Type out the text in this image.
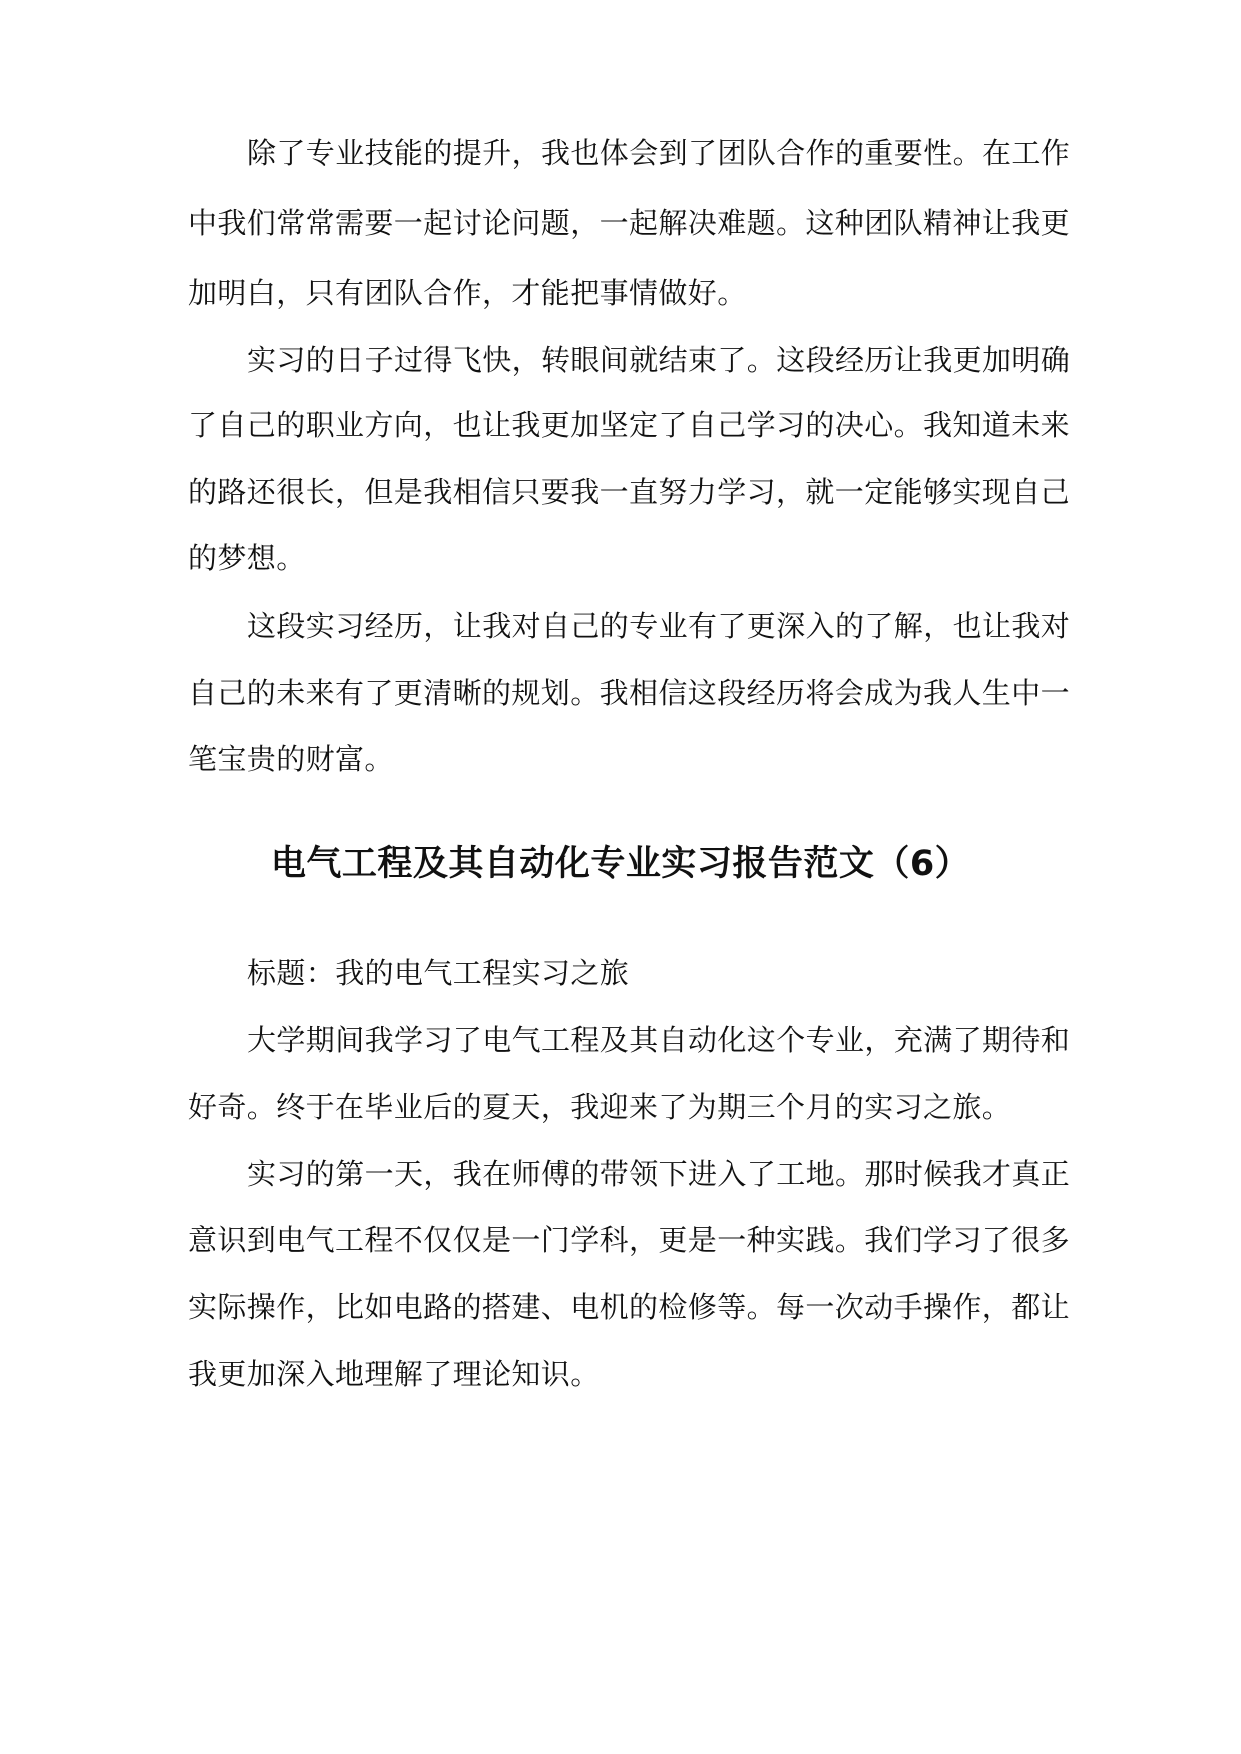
除了专业技能的提升，我也体会到了团队合作的重要性。在工作
中我们常常需要一起讨论问题，一起解决难题。这种团队精神让我更
加明白，只有团队合作，才能把事情做好。
实习的日子过得飞快，转眼间就结束了。这段经历让我更加明确
了自己的职业方向，也让我更加坚定了自己学习的决心。我知道未来
的路还很长，但是我相信只要我一直努力学习，就一定能够实现自己
的梦想。
这段实习经历，让我对自己的专业有了更深入的了解，也让我对
自己的未来有了更清晰的规划。我相信这段经历将会成为我人生中一
笔宝贵的财富。
电气工程及其自动化专业实习报告范文（6）
标题：我的电气工程实习之旅
大学期间我学习了电气工程及其自动化这个专业，充满了期待和
好奇。终于在毕业后的夏天，我迎来了为期三个月的实习之旅。
实习的第一天，我在师傅的带领下进入了工地。那时候我才真正
意识到电气工程不仅仅是一门学科，更是一种实践。我们学习了很多
实际操作，比如电路的搭建、电机的检修等。每一次动手操作，都让
我更加深入地理解了理论知识。
